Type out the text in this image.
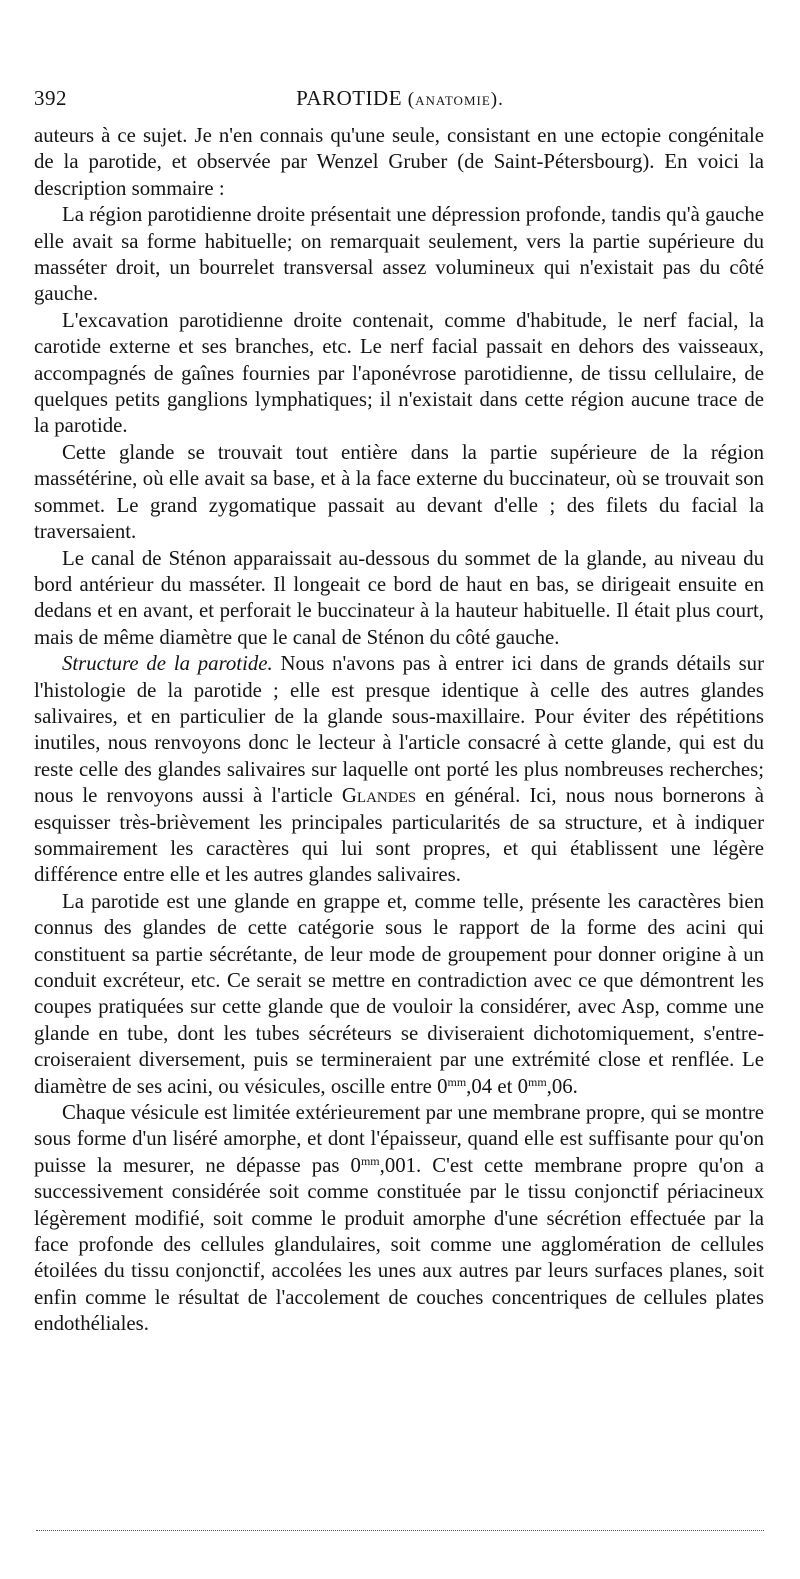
392	PAROTIDE (anatomie).

auteurs à ce sujet. Je n'en connais qu'une seule, consistant en une ectopie congénitale de la parotide, et observée par Wenzel Gruber (de Saint-Pétersbourg). En voici la description sommaire :

La région parotidienne droite présentait une dépression profonde, tandis qu'à gauche elle avait sa forme habituelle; on remarquait seulement, vers la partie supérieure du masséter droit, un bourrelet transversal assez volumineux qui n'existait pas du côté gauche.

L'excavation parotidienne droite contenait, comme d'habitude, le nerf facial, la carotide externe et ses branches, etc. Le nerf facial passait en dehors des vaisseaux, accompagnés de gaînes fournies par l'aponévrose parotidienne, de tissu cellulaire, de quelques petits ganglions lymphatiques; il n'existait dans cette région aucune trace de la parotide.

Cette glande se trouvait tout entière dans la partie supérieure de la région massétérine, où elle avait sa base, et à la face externe du buccinateur, où se trouvait son sommet. Le grand zygomatique passait au devant d'elle ; des filets du facial la traversaient.

Le canal de Sténon apparaissait au-dessous du sommet de la glande, au niveau du bord antérieur du masséter. Il longeait ce bord de haut en bas, se dirigeait ensuite en dedans et en avant, et perforait le buccinateur à la hauteur habituelle. Il était plus court, mais de même diamètre que le canal de Sténon du côté gauche.

Structure de la parotide. Nous n'avons pas à entrer ici dans de grands détails sur l'histologie de la parotide ; elle est presque identique à celle des autres glandes salivaires, et en particulier de la glande sous-maxillaire. Pour éviter des répétitions inutiles, nous renvoyons donc le lecteur à l'article consacré à cette glande, qui est du reste celle des glandes salivaires sur laquelle ont porté les plus nombreuses recherches; nous le renvoyons aussi à l'article Glandes en général. Ici, nous nous bornerons à esquisser très-brièvement les principales particularités de sa structure, et à indiquer sommairement les caractères qui lui sont propres, et qui établissent une légère différence entre elle et les autres glandes salivaires.

La parotide est une glande en grappe et, comme telle, présente les caractères bien connus des glandes de cette catégorie sous le rapport de la forme des acini qui constituent sa partie sécrétante, de leur mode de groupement pour donner origine à un conduit excréteur, etc. Ce serait se mettre en contradiction avec ce que démontrent les coupes pratiquées sur cette glande que de vouloir la considérer, avec Asp, comme une glande en tube, dont les tubes sécréteurs se diviseraient dichotomiquement, s'entre-croiseraient diversement, puis se termineraient par une extrémité close et renflée. Le diamètre de ses acini, ou vésicules, oscille entre $0^{mm},04$ et $0^{mm},06$.

Chaque vésicule est limitée extérieurement par une membrane propre, qui se montre sous forme d'un liséré amorphe, et dont l'épaisseur, quand elle est suffisante pour qu'on puisse la mesurer, ne dépasse pas $0^{mm},001$. C'est cette membrane propre qu'on a successivement considérée soit comme constituée par le tissu conjonctif périacineux légèrement modifié, soit comme le produit amorphe d'une sécrétion effectuée par la face profonde des cellules glandulaires, soit comme une agglomération de cellules étoilées du tissu conjonctif, accolées les unes aux autres par leurs surfaces planes, soit enfin comme le résultat de l'accolement de couches concentriques de cellules plates endothéliales.
